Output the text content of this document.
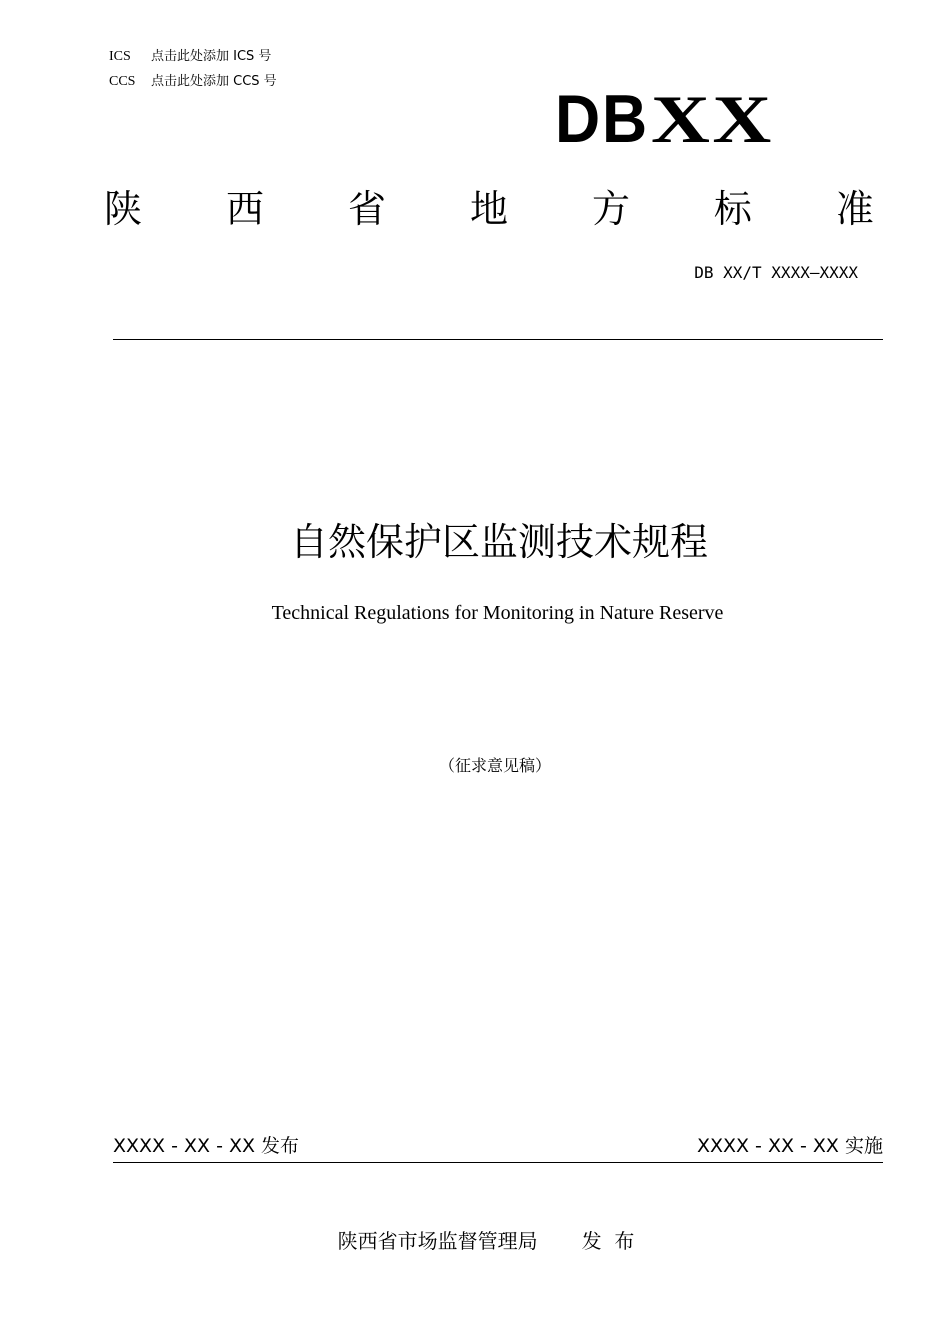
ICS 点击此处添加 ICS 号
CCS 点击此处添加 CCS 号	DBXX
陕 西 省 地 方 标 准
DB XX/T XXXX—XXXX
自然保护区监测技术规程
Technical Regulations for Monitoring in Nature Reserve
（征求意见稿）
XXXX - XX - XX 发布	XXXX - XX - XX 实施
陕西省市场监督管理局 发  布
